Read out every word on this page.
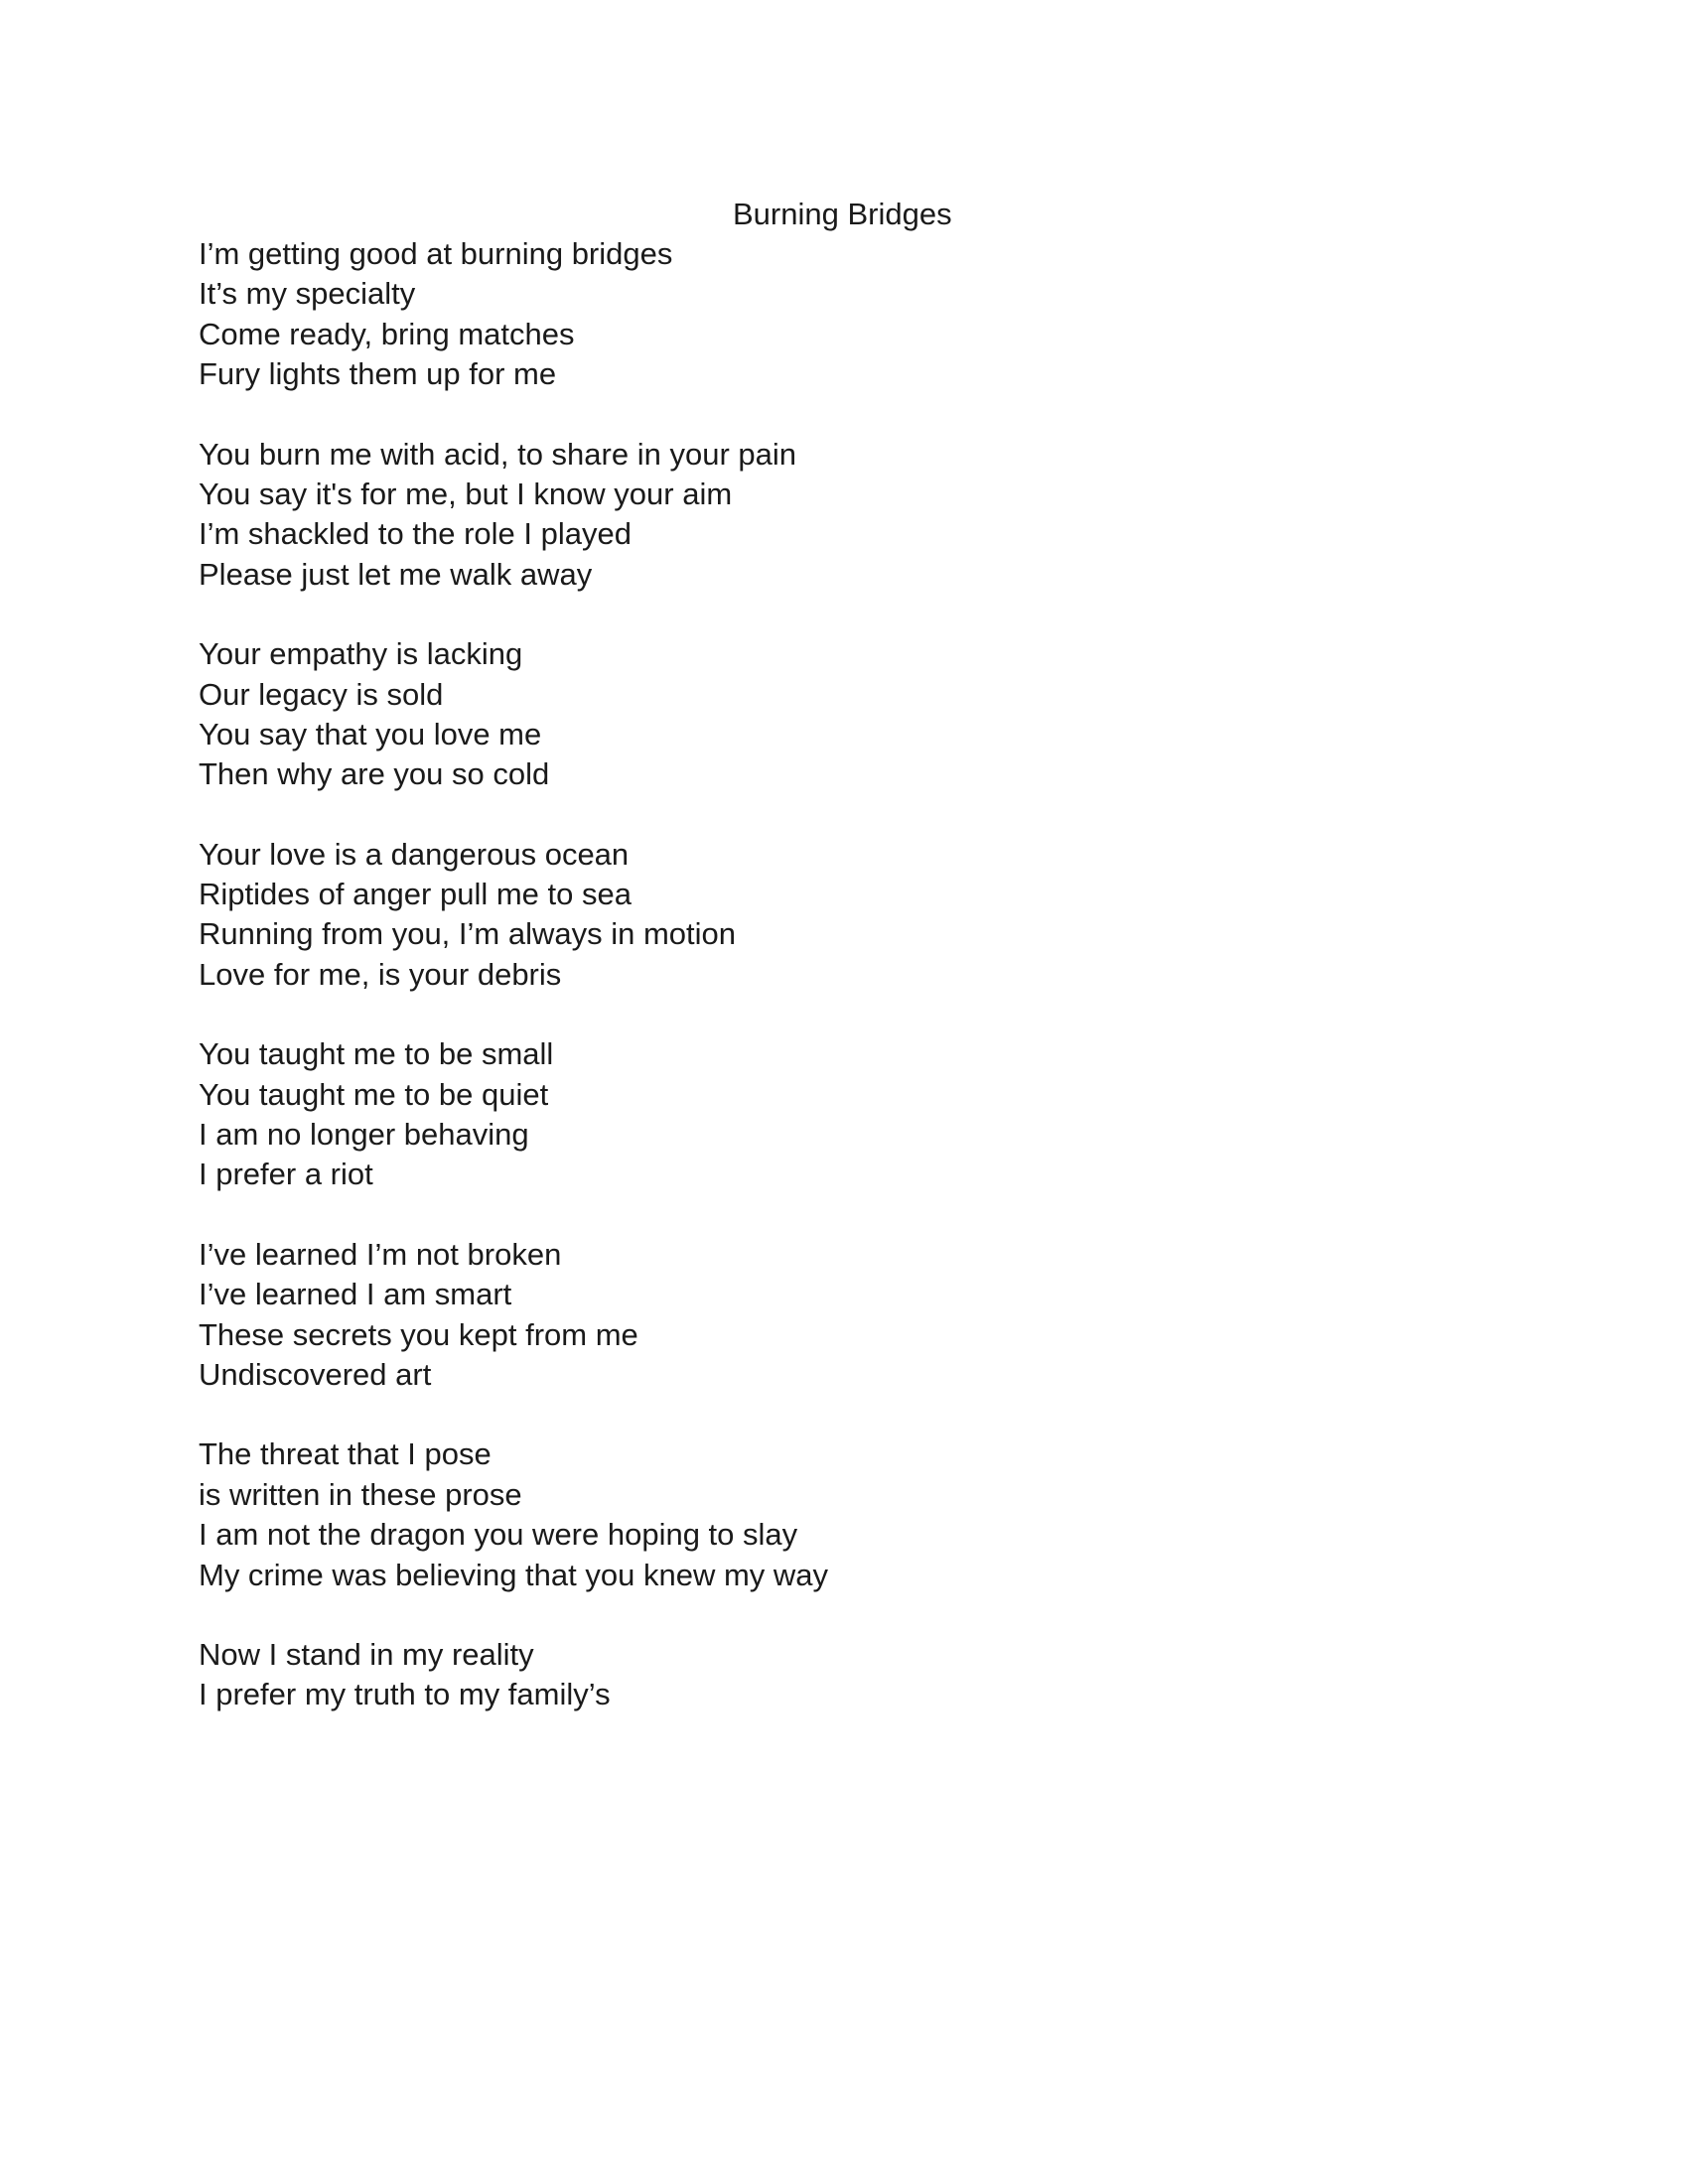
Burning Bridges
I’m getting good at burning bridges
It’s my specialty
Come ready, bring matches
Fury lights them up for me
You burn me with acid, to share in your pain
You say it's for me, but I know your aim
I’m shackled to the role I played
Please just let me walk away
Your empathy is lacking
Our legacy is sold
You say that you love me
Then why are you so cold
Your love is a dangerous ocean
Riptides of anger pull me to sea
Running from you, I’m always in motion
Love for me, is your debris
You taught me to be small
You taught me to be quiet
I am no longer behaving
I prefer a riot
I’ve learned I’m not broken
I’ve learned I am smart
These secrets you kept from me
Undiscovered art
The threat that I pose
is written in these prose
I am not the dragon you were hoping to slay
My crime was believing that you knew my way
Now I stand in my reality
I prefer my truth to my family’s
